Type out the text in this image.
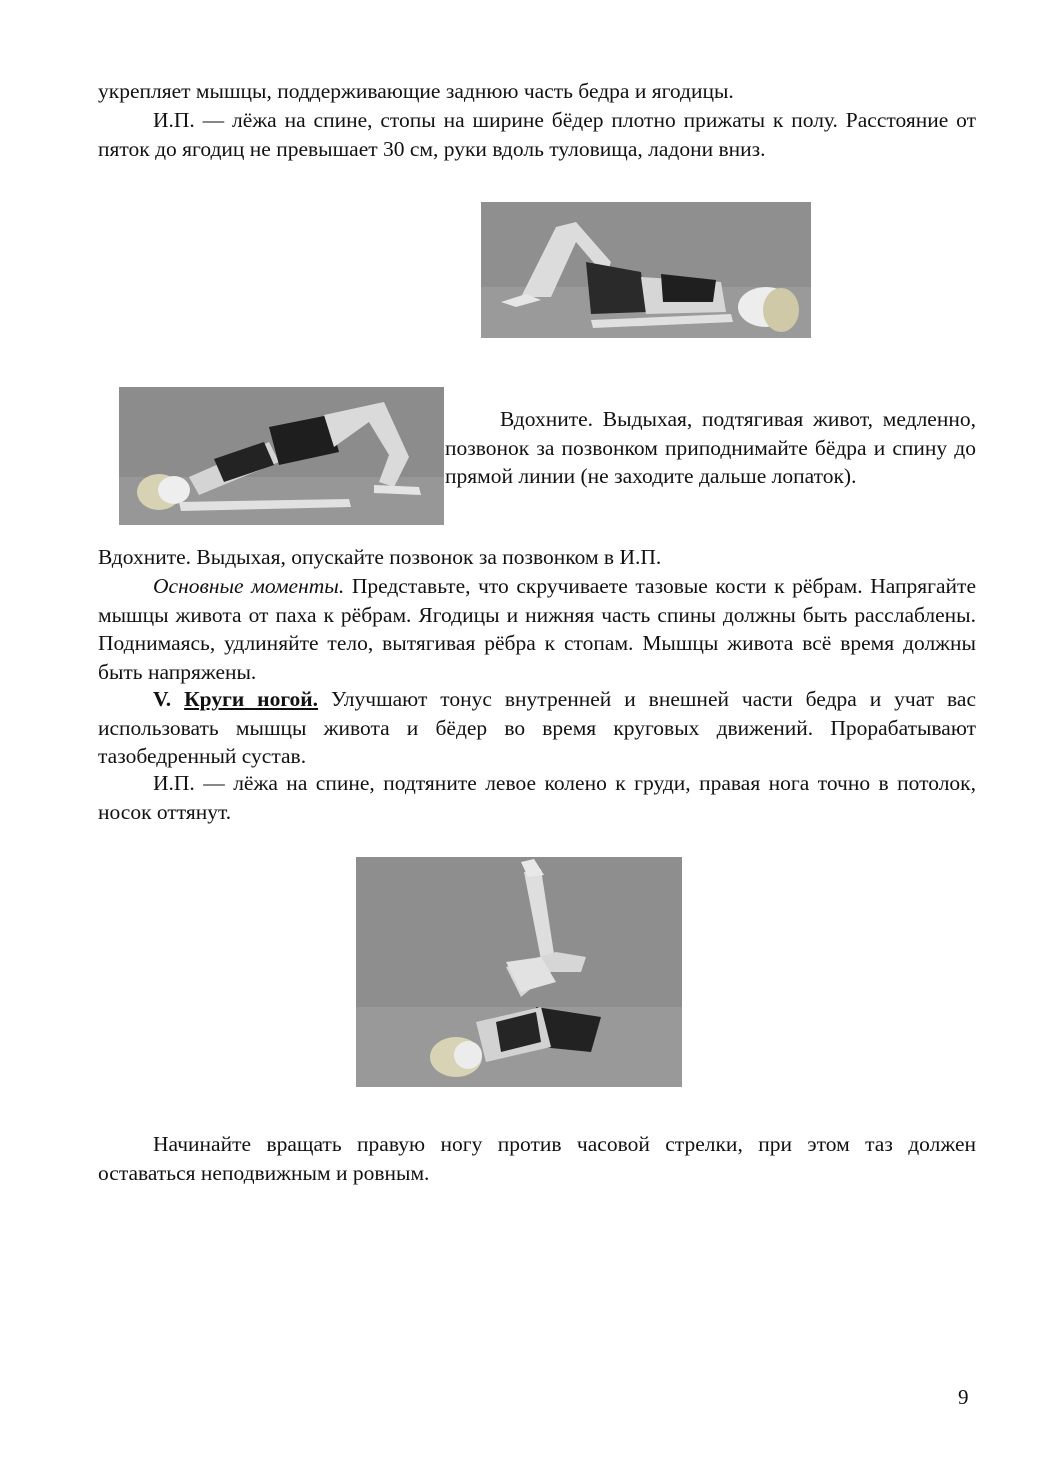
укрепляет мышцы, поддерживающие заднюю часть бедра и ягодицы.

И.П. — лёжа на спине, стопы на ширине бёдер плотно прижаты к полу. Расстояние от пяток до ягодиц не превышает 30 см, руки вдоль туловища, ладони вниз.

Вдохните. Выдыхая, подтягивая живот, медленно, позвонок за позвонком приподнимайте бёдра и спину до прямой линии (не заходите дальше лопаток).

Вдохните. Выдыхая, опускайте позвонок за позвонком в И.П.

Основные моменты. Представьте, что скручиваете тазовые кости к рёбрам. Напрягайте мышцы живота от паха к рёбрам. Ягодицы и нижняя часть спины должны быть расслаблены. Поднимаясь, удлиняйте тело, вытягивая рёбра к стопам. Мышцы живота всё время должны быть напряжены.

V. Круги ногой. Улучшают тонус внутренней и внешней части бедра и учат вас использовать мышцы живота и бёдер во время круговых движений. Прорабатывают тазобедренный сустав.

И.П. — лёжа на спине, подтяните левое колено к груди, правая нога точно в потолок, носок оттянут.

Начинайте вращать правую ногу против часовой стрелки, при этом таз должен оставаться неподвижным и ровным.

9
